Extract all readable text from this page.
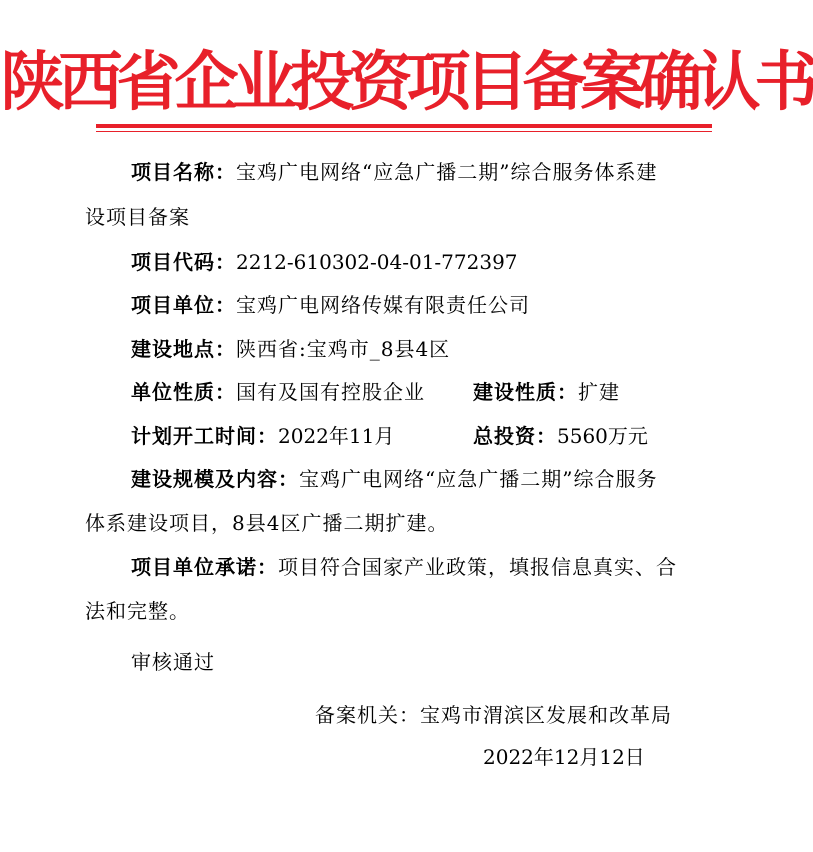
陕西省企业投资项目备案确认书
项目名称：宝鸡广电网络“应急广播二期”综合服务体系建
设项目备案
项目代码：2212-610302-04-01-772397
项目单位：宝鸡广电网络传媒有限责任公司
建设地点：陕西省:宝鸡市_8县4区
单位性质：国有及国有控股企业 建设性质：扩建
计划开工时间：2022年11月	总投资：5560万元
建设规模及内容：宝鸡广电网络“应急广播二期”综合服务
体系建设项目，8县4区广播二期扩建。
项目单位承诺：项目符合国家产业政策，填报信息真实、合
法和完整。
审核通过
备案机关：宝鸡市渭滨区发展和改革局
2022年12月12日
